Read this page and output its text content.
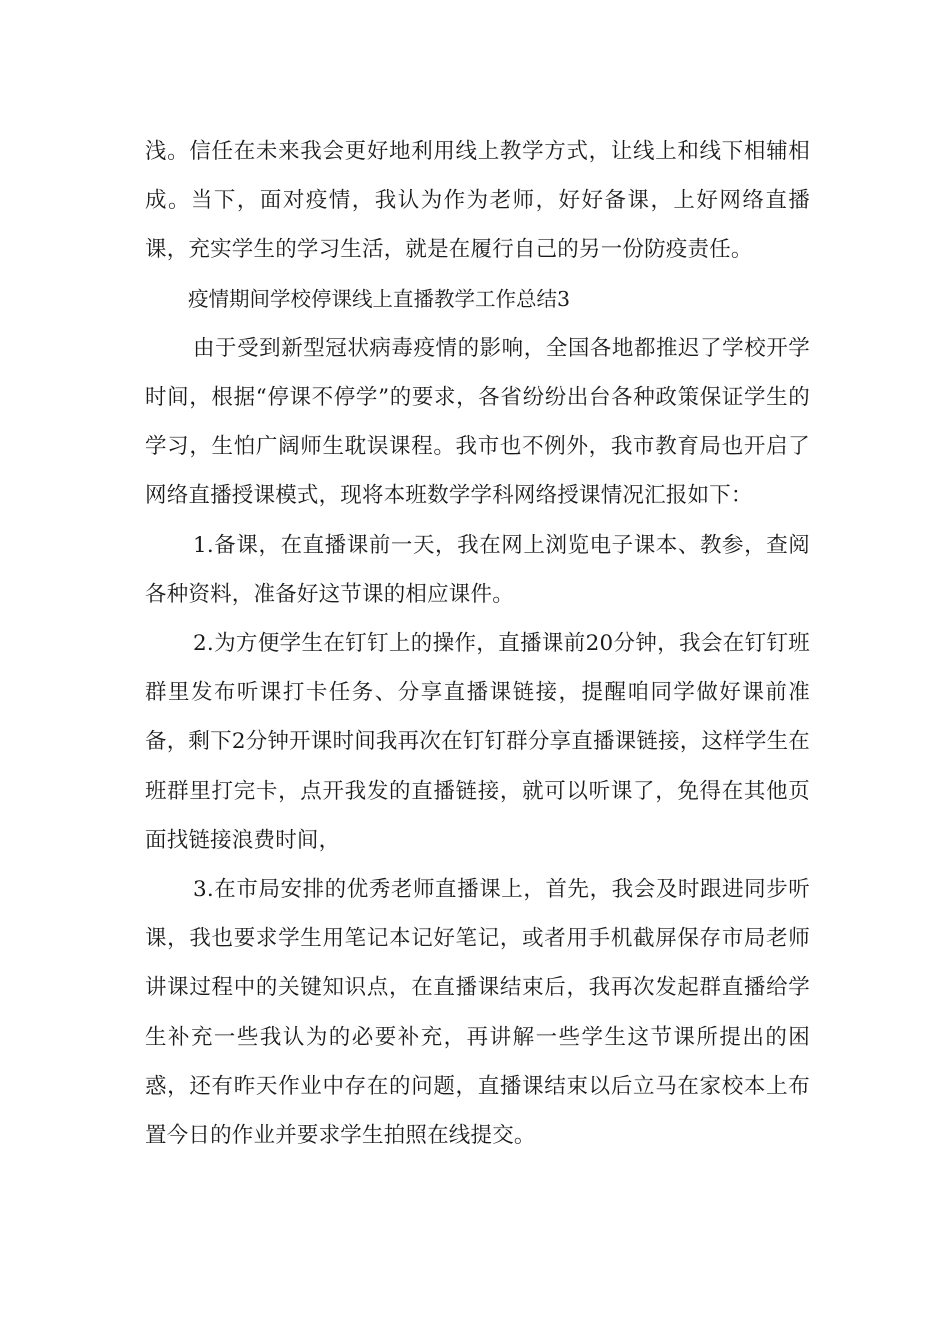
浅。信任在未来我会更好地利用线上教学方式，让线上和线下相辅相成。当下，面对疫情，我认为作为老师，好好备课，上好网络直播课，充实学生的学习生活，就是在履行自己的另一份防疫责任。

疫情期间学校停课线上直播教学工作总结3

由于受到新型冠状病毒疫情的影响，全国各地都推迟了学校开学时间，根据“停课不停学”的要求，各省纷纷出台各种政策保证学生的学习，生怕广阔师生耽误课程。我市也不例外，我市教育局也开启了网络直播授课模式，现将本班数学学科网络授课情况汇报如下：

1.备课，在直播课前一天，我在网上浏览电子课本、教参，查阅各种资料，准备好这节课的相应课件。

2.为方便学生在钉钉上的操作，直播课前20分钟，我会在钉钉班群里发布听课打卡任务、分享直播课链接，提醒咱同学做好课前准备，剩下2分钟开课时间我再次在钉钉群分享直播课链接，这样学生在班群里打完卡，点开我发的直播链接，就可以听课了，免得在其他页面找链接浪费时间，

3.在市局安排的优秀老师直播课上，首先，我会及时跟进同步听课，我也要求学生用笔记本记好笔记，或者用手机截屏保存市局老师讲课过程中的关键知识点，在直播课结束后，我再次发起群直播给学生补充一些我认为的必要补充，再讲解一些学生这节课所提出的困惑，还有昨天作业中存在的问题，直播课结束以后立马在家校本上布置今日的作业并要求学生拍照在线提交。
